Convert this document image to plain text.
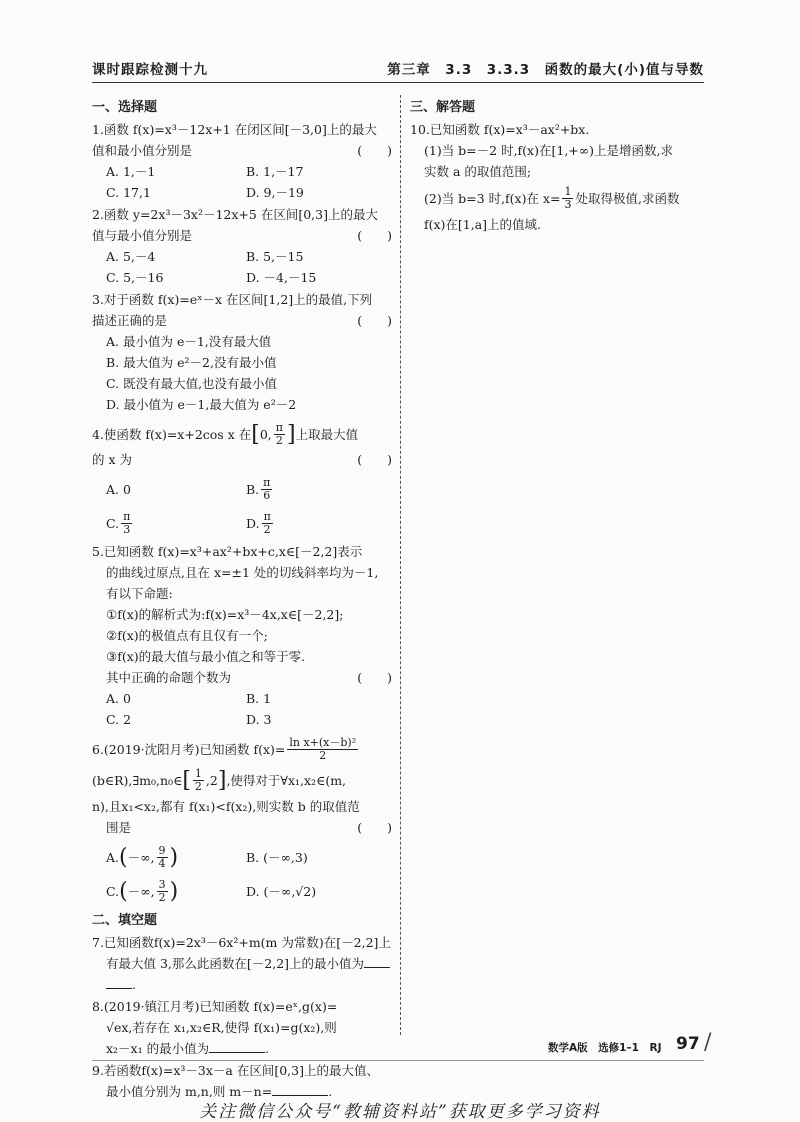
课时跟踪检测十九	第三章　3.3　3.3.3　函数的最大(小)值与导数
一、选择题
1.函数 f(x)=x³－12x+1 在闭区间[－3,0]上的最大
值和最小值分别是	(　　)
A. 1,－1	B. 1,－17
C. 17,1	D. 9,－19
2.函数 y=2x³－3x²－12x+5 在区间[0,3]上的最大
值与最小值分别是	(　　)
A. 5,－4	B. 5,－15
C. 5,－16	D. －4,－15
3.对于函数 f(x)=eˣ－x 在区间[1,2]上的最值,下列
描述正确的是	(　　)
A. 最小值为 e－1,没有最大值
B. 最大值为 e²－2,没有最小值
C. 既没有最大值,也没有最小值
D. 最小值为 e－1,最大值为 e²－2
4.使函数 f(x)=x+2cos x 在 [ 0, $\frac{\pi}{2}$ ] 上取最大值
的 x 为	(　　)
A. 0	B. $\frac{\pi}{6}$
C. $\frac{\pi}{3}$	D. $\frac{\pi}{2}$
5.已知函数 f(x)=x³+ax²+bx+c,x∈[－2,2]表示
的曲线过原点,且在 x=±1 处的切线斜率均为－1,
有以下命题:
①f(x)的解析式为:f(x)=x³－4x,x∈[－2,2];
②f(x)的极值点有且仅有一个;
③f(x)的最大值与最小值之和等于零.
其中正确的命题个数为	(　　)
A. 0	B. 1
C. 2	D. 3
6.(2019·沈阳月考)已知函数 $f(x)= \frac{\text{ln x+(x－b)²}}{2}$
(b∈R),∃m₀,n₀∈ [ $\frac{1}{2} ,2$ ] ,使得对于∀x₁,x₂∈(m,
n),且x₁<x₂,都有 f(x₁)<f(x₂),则实数 b 的取值范
围是	(　　)
A. ( －∞, $\frac{9}{4}$ )	B. (－∞,3)
C. ( －∞, $\frac{3}{2}$ )	D. (－∞,√2)
二、填空题
7.已知函数f(x)=2x³－6x²+m(m 为常数)在[－2,2]上
有最大值 3,那么此函数在[－2,2]上的最小值为
.
8.(2019·镇江月考)已知函数 f(x)=eˣ,g(x)=
√ex,若存在 x₁,x₂∈R,使得 f(x₁)=g(x₂),则
x₂－x₁ 的最小值为	.
9.若函数f(x)=x³－3x－a 在区间[0,3]上的最大值、
最小值分别为 m,n,则 m－n=	.
三、解答题
10.已知函数 f(x)=x³－ax²+bx.
(1)当 b=－2 时,f(x)在[1,+∞)上是增函数,求
实数 a 的取值范围;
(2)当 b=3 时,f(x)在 $x= \frac{1}{3}$ 处取得极值,求函数
f(x)在[1,a]上的值域.
数学A版　选修1–1　RJ 97 /
关注微信公众号“教辅资料站”获取更多学习资料
